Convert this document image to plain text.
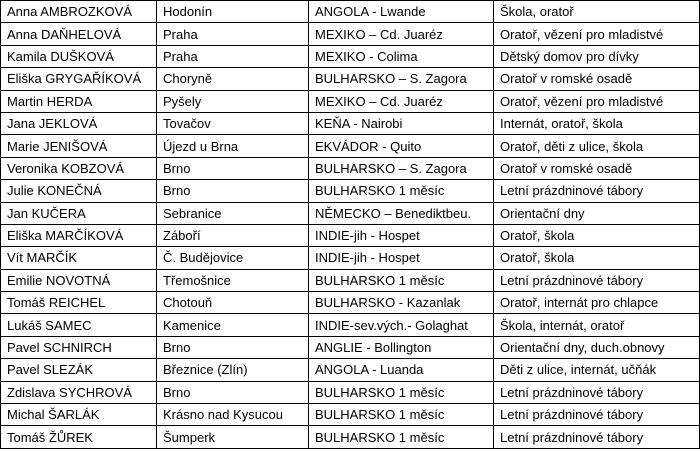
Anna AMBROZKOVÁ	Hodonín	ANGOLA - Lwande	Škola, oratoř
Anna DAŇHELOVÁ	Praha	MEXIKO – Cd. Juaréz	Oratoř, vězení pro mladistvé
Kamila DUŠKOVÁ	Praha	MEXIKO - Colima	Dětský domov pro dívky
Eliška GRYGAŘÍKOVÁ	Choryně	BULHARSKO – S. Zagora	Oratoř v romské osadě
Martin HERDA	Pyšely	MEXIKO – Cd. Juaréz	Oratoř, vězení pro mladistvé
Jana JEKLOVÁ	Tovačov	KEŇA - Nairobi	Internát, oratoř, škola
Marie JENIŠOVÁ	Újezd u Brna	EKVÁDOR - Quito	Oratoř, děti z ulice, škola
Veronika KOBZOVÁ	Brno	BULHARSKO – S. Zagora	Oratoř v romské osadě
Julie KONEČNÁ	Brno	BULHARSKO 1 měsíc	Letní prázdninové tábory
Jan KUČERA	Sebranice	NĚMECKO – Benediktbeu.	Orientační dny
Eliška MARČÍKOVÁ	Záboří	INDIE-jih - Hospet	Oratoř, škola
Vít MARČÍK	Č. Budějovice	INDIE-jih - Hospet	Oratoř, škola
Emilie NOVOTNÁ	Třemošnice	BULHARSKO 1 měsíc	Letní prázdninové tábory
Tomáš REICHEL	Chotouň	BULHARSKO - Kazanlak	Oratoř, internát pro chlapce
Lukáš SAMEC	Kamenice	INDIE-sev.vých.- Golaghat	Škola, internát, oratoř
Pavel SCHNIRCH	Brno	ANGLIE - Bollington	Orientační dny, duch.obnovy
Pavel SLEZÁK	Březnice (Zlín)	ANGOLA - Luanda	Děti z ulice, internát, učňák
Zdislava SYCHROVÁ	Brno	BULHARSKO 1 měsíc	Letní prázdninové tábory
Michal ŠARLÁK	Krásno nad Kysucou	BULHARSKO 1 měsíc	Letní prázdninové tábory
Tomáš ŽŮREK	Šumperk	BULHARSKO 1 měsíc	Letní prázdninové tábory
